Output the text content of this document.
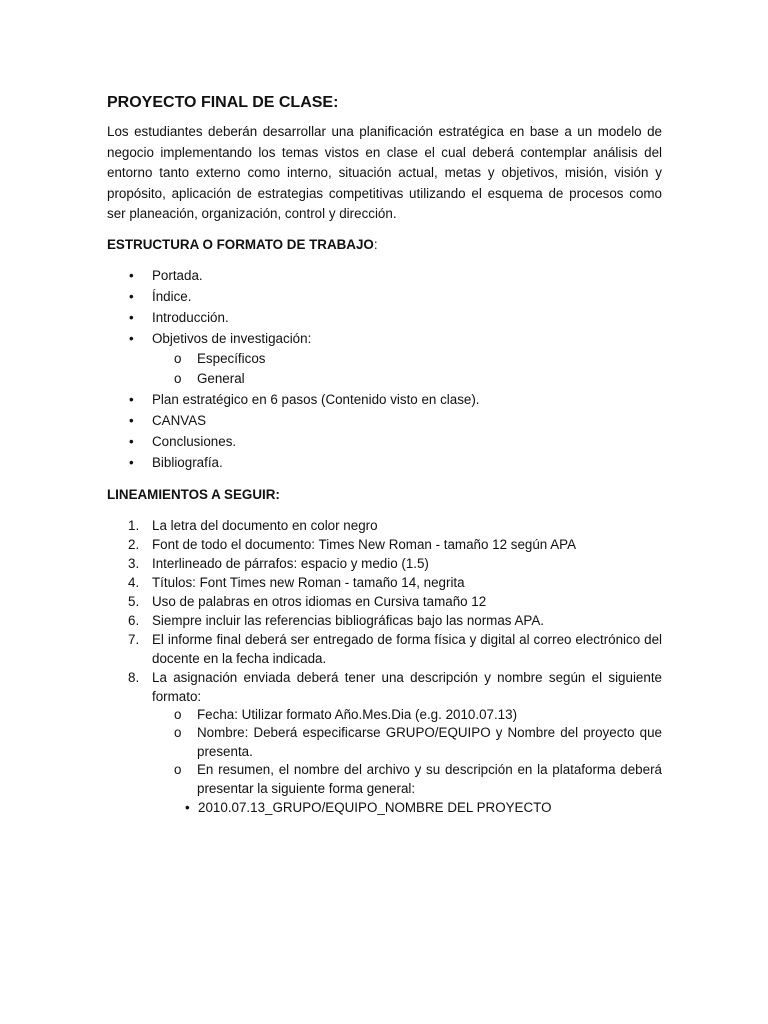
PROYECTO FINAL DE CLASE:

Los estudiantes deberán desarrollar una planificación estratégica en base a un modelo de negocio implementando los temas vistos en clase el cual deberá contemplar análisis del entorno tanto externo como interno, situación actual, metas y objetivos, misión, visión y propósito, aplicación de estrategias competitivas utilizando el esquema de procesos como ser planeación, organización, control y dirección.

ESTRUCTURA O FORMATO DE TRABAJO:

• Portada.
• Índice.
• Introducción.
• Objetivos de investigación:
o Específicos
o General
• Plan estratégico en 6 pasos (Contenido visto en clase).
• CANVAS
• Conclusiones.
• Bibliografía.

LINEAMIENTOS A SEGUIR:

1. La letra del documento en color negro
2. Font de todo el documento: Times New Roman - tamaño 12 según APA
3. Interlineado de párrafos: espacio y medio (1.5)
4. Títulos: Font Times new Roman - tamaño 14, negrita
5. Uso de palabras en otros idiomas en Cursiva tamaño 12
6. Siempre incluir las referencias bibliográficas bajo las normas APA.
7. El informe final deberá ser entregado de forma física y digital al correo electrónico del docente en la fecha indicada.
8. La asignación enviada deberá tener una descripción y nombre según el siguiente formato:
o Fecha: Utilizar formato Año.Mes.Dia (e.g. 2010.07.13)
o Nombre: Deberá especificarse GRUPO/EQUIPO y Nombre del proyecto que presenta.
o En resumen, el nombre del archivo y su descripción en la plataforma deberá presentar la siguiente forma general:
• 2010.07.13_GRUPO/EQUIPO_NOMBRE DEL PROYECTO
